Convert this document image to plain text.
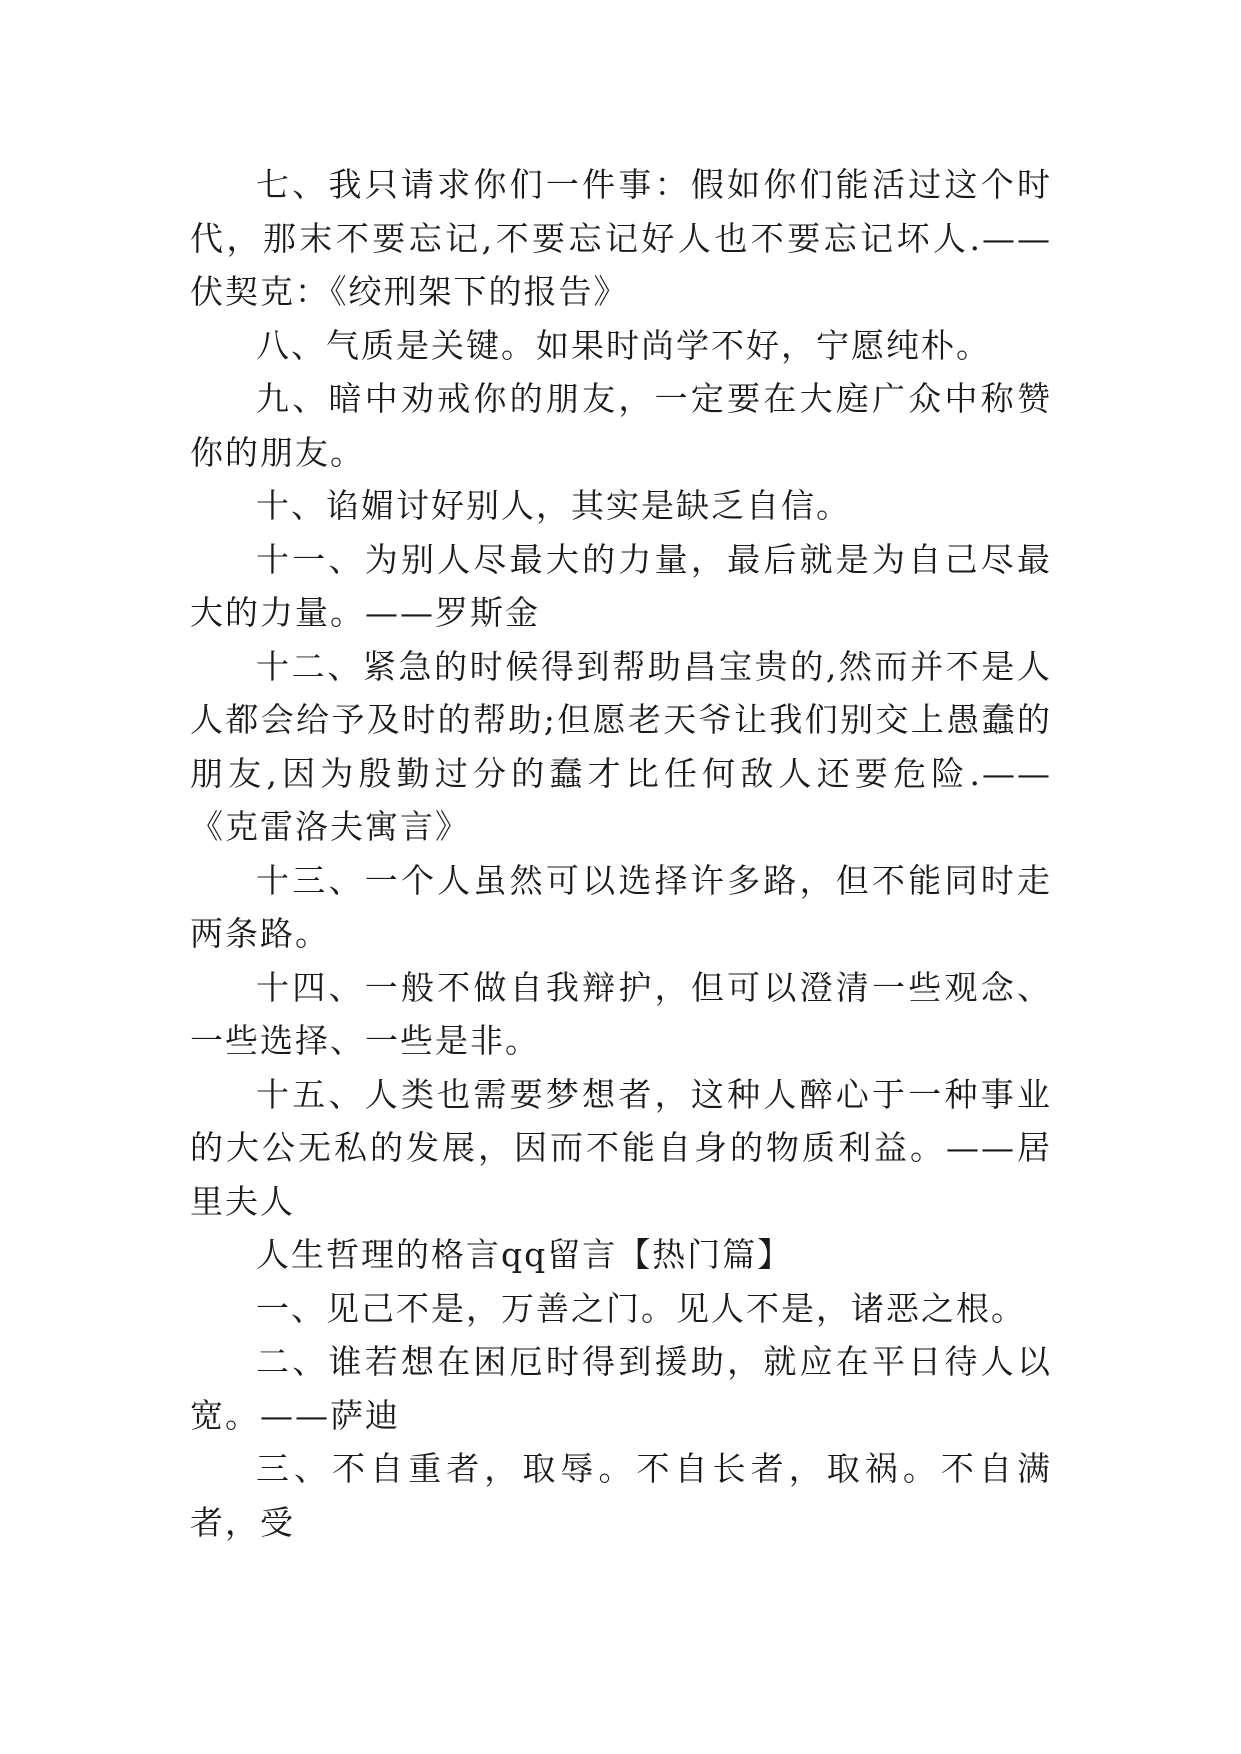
七、我只请求你们一件事：假如你们能活过这个时代，那末不要忘记,不要忘记好人也不要忘记坏人.——伏契克：《绞刑架下的报告》

八、气质是关键。如果时尚学不好，宁愿纯朴。

九、暗中劝戒你的朋友，一定要在大庭广众中称赞你的朋友。

十、谄媚讨好别人，其实是缺乏自信。

十一、为别人尽最大的力量，最后就是为自己尽最大的力量。——罗斯金

十二、紧急的时候得到帮助昌宝贵的,然而并不是人人都会给予及时的帮助;但愿老天爷让我们别交上愚蠢的朋友,因为殷勤过分的蠢才比任何敌人还要危险.——《克雷洛夫寓言》

十三、一个人虽然可以选择许多路，但不能同时走两条路。

十四、一般不做自我辩护，但可以澄清一些观念、一些选择、一些是非。

十五、人类也需要梦想者，这种人醉心于一种事业的大公无私的发展，因而不能自身的物质利益。——居里夫人

人生哲理的格言qq留言【热门篇】

一、见己不是，万善之门。见人不是，诸恶之根。

二、谁若想在困厄时得到援助，就应在平日待人以宽。——萨迪

三、不自重者，取辱。不自长者，取祸。不自满者，受
